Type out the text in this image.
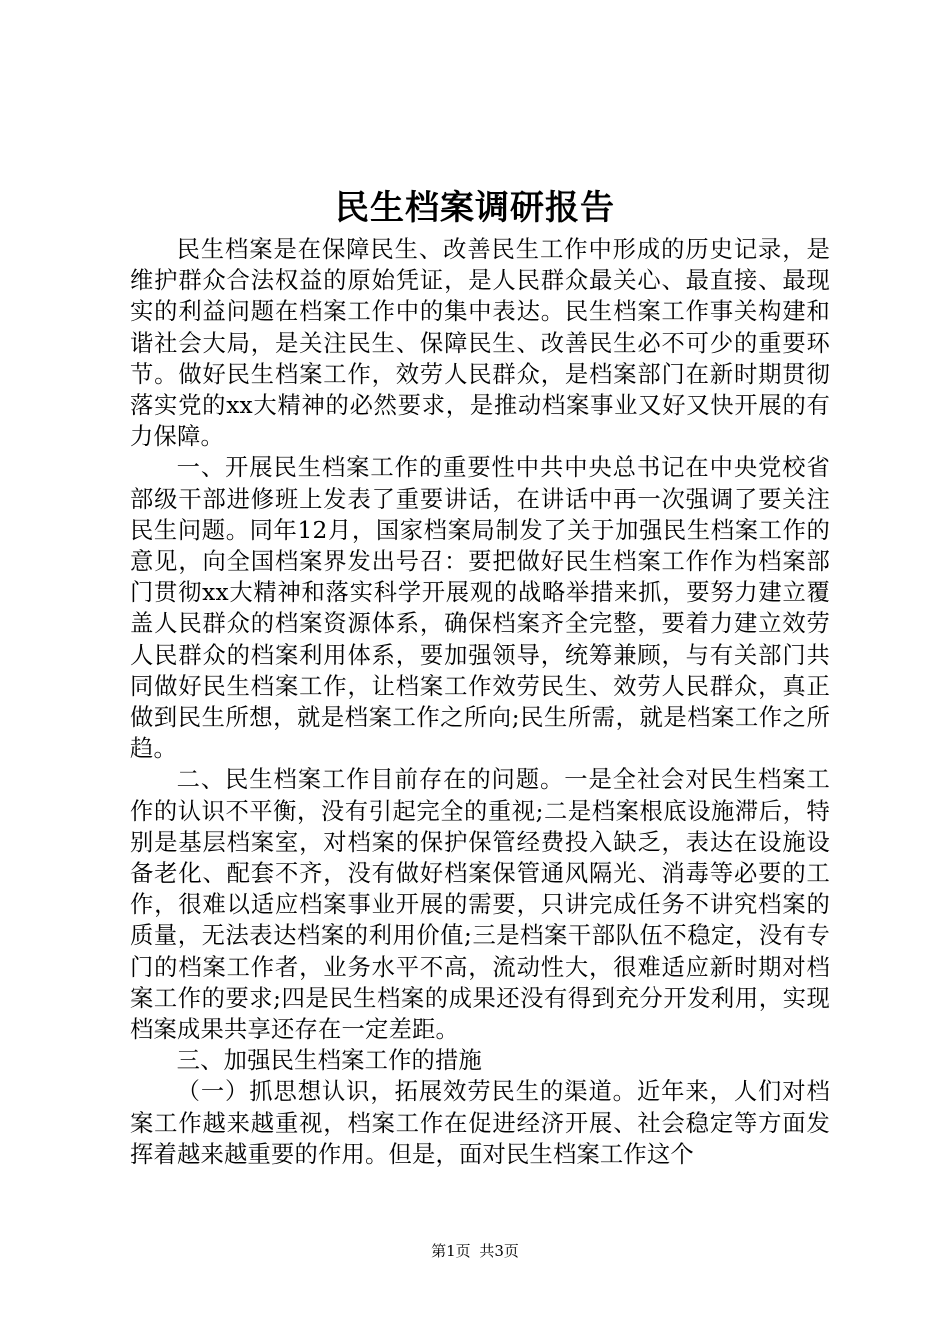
民生档案调研报告

民生档案是在保障民生、改善民生工作中形成的历史记录，是维护群众合法权益的原始凭证，是人民群众最关心、最直接、最现实的利益问题在档案工作中的集中表达。民生档案工作事关构建和谐社会大局，是关注民生、保障民生、改善民生必不可少的重要环节。做好民生档案工作，效劳人民群众，是档案部门在新时期贯彻落实党的xx大精神的必然要求，是推动档案事业又好又快开展的有力保障。

一、开展民生档案工作的重要性中共中央总书记在中央党校省部级干部进修班上发表了重要讲话，在讲话中再一次强调了要关注民生问题。同年12月，国家档案局制发了关于加强民生档案工作的意见，向全国档案界发出号召：要把做好民生档案工作作为档案部门贯彻xx大精神和落实科学开展观的战略举措来抓，要努力建立覆盖人民群众的档案资源体系，确保档案齐全完整，要着力建立效劳人民群众的档案利用体系，要加强领导，统筹兼顾，与有关部门共同做好民生档案工作，让档案工作效劳民生、效劳人民群众，真正做到民生所想，就是档案工作之所向;民生所需，就是档案工作之所趋。

二、民生档案工作目前存在的问题。一是全社会对民生档案工作的认识不平衡，没有引起完全的重视;二是档案根底设施滞后，特别是基层档案室，对档案的保护保管经费投入缺乏，表达在设施设备老化、配套不齐，没有做好档案保管通风隔光、消毒等必要的工作，很难以适应档案事业开展的需要，只讲完成任务不讲究档案的质量，无法表达档案的利用价值;三是档案干部队伍不稳定，没有专门的档案工作者，业务水平不高，流动性大，很难适应新时期对档案工作的要求;四是民生档案的成果还没有得到充分开发利用，实现档案成果共享还存在一定差距。

三、加强民生档案工作的措施

（一）抓思想认识，拓展效劳民生的渠道。近年来，人们对档案工作越来越重视，档案工作在促进经济开展、社会稳定等方面发挥着越来越重要的作用。但是，面对民生档案工作这个

第1页 共3页
